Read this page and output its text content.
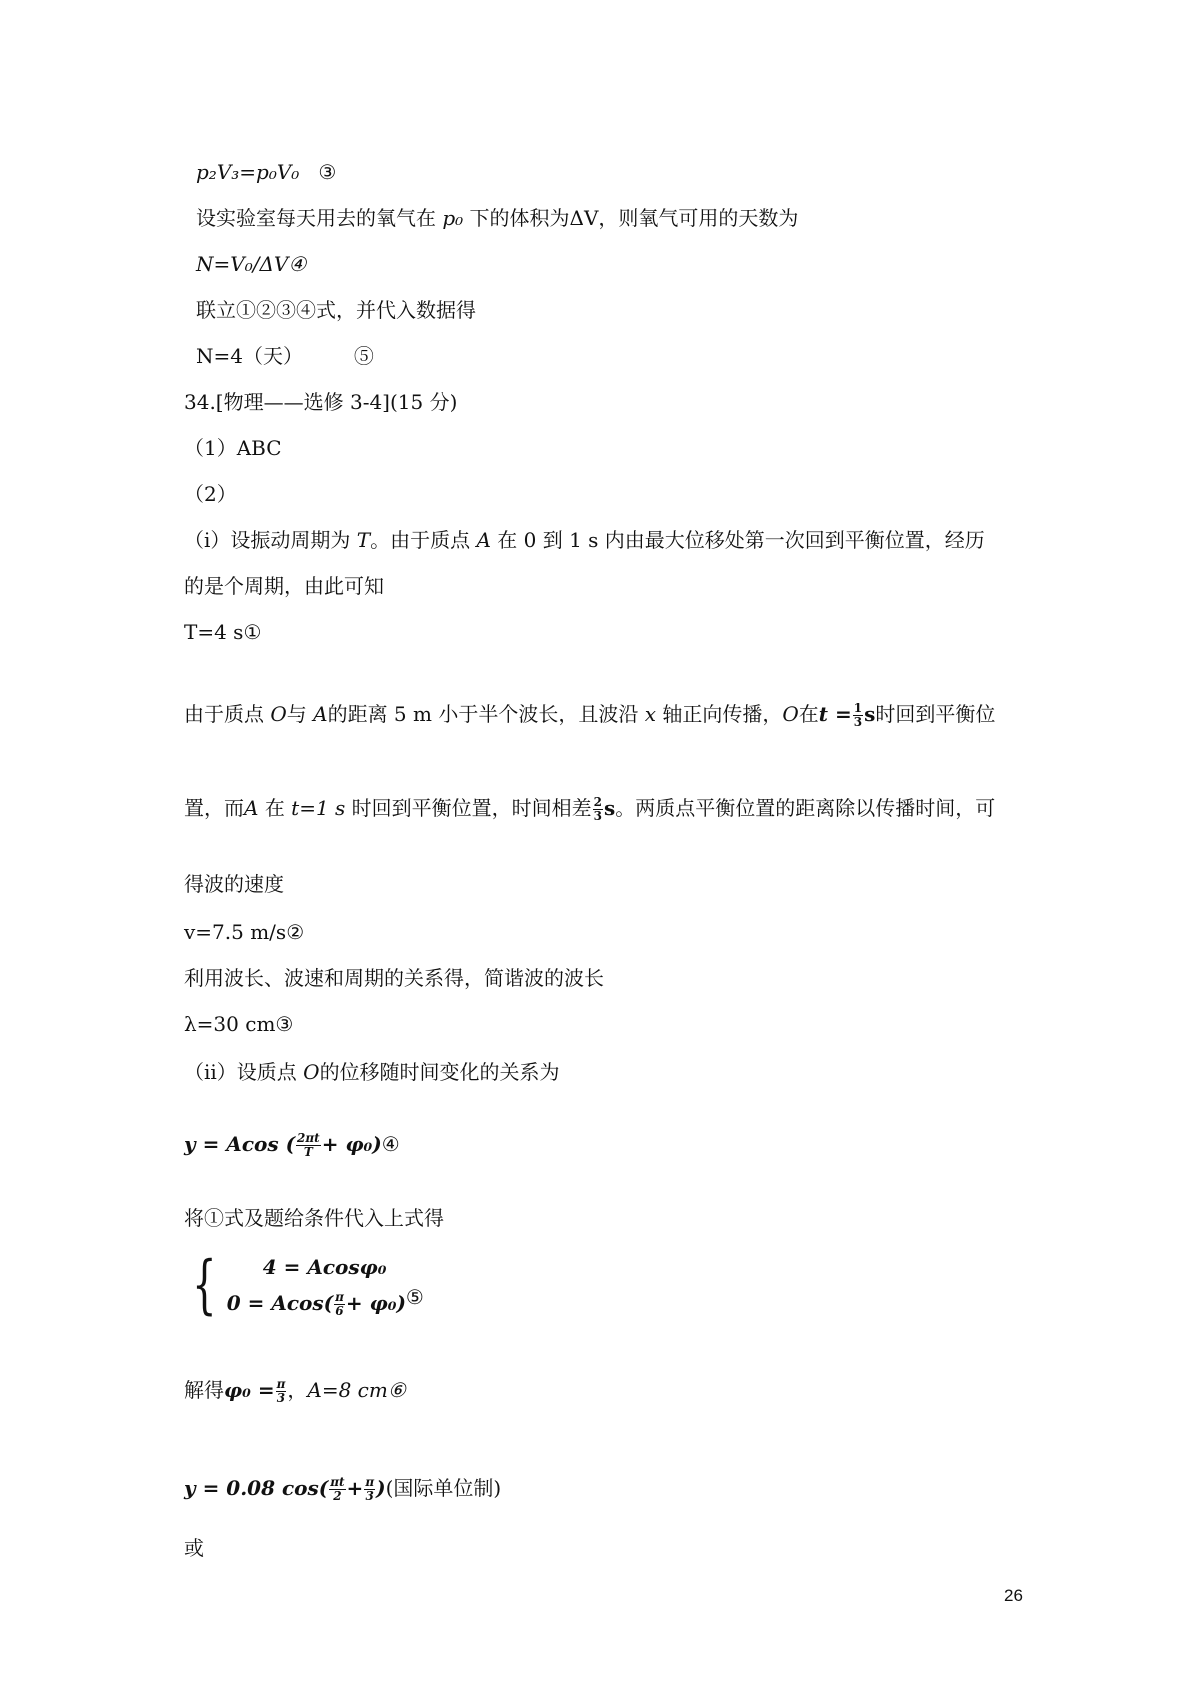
p₂V₃=p₀V₀ ③
设实验室每天用去的氧气在 p₀ 下的体积为ΔV，则氧气可用的天数为
N=V₀/ΔV④
联立①②③④式，并代入数据得
N=4（天）	⑤
34.[物理——选修 3-4](15 分)
（1）ABC
（2）
（i）设振动周期为 T。由于质点 A 在 0 到 1 s 内由最大位移处第一次回到平衡位置，经历
的是个周期，由此可知
T=4 s①
由于质点 O与 A的距离 5 m 小于半个波长，且波沿 x 轴正向传播，O在$t = \frac{1}{3}$ s时回到平衡位
置，而A 在 t=1 s 时回到平衡位置，时间相差 $\frac{2}{3}$ s。两质点平衡位置的距离除以传播时间，可
得波的速度
v=7.5 m/s②
利用波长、波速和周期的关系得，简谐波的波长
λ=30 cm③
（ii）设质点 O的位移随时间变化的关系为
y = Acos ( $\frac{2\pi t}{T}$ + φ₀)④
将①式及题给条件代入上式得
{	4 = Acosφ₀
$0 = Acos( \frac{\pi}{6}$ + φ₀)⑤
解得$\varphi_0 = \frac{\pi}{3}$ ，A=8 cm⑥
y = 0.08 $\cos( \frac{\pi t}{2} + \frac{\pi}{3}$ )(国际单位制)
或
26
